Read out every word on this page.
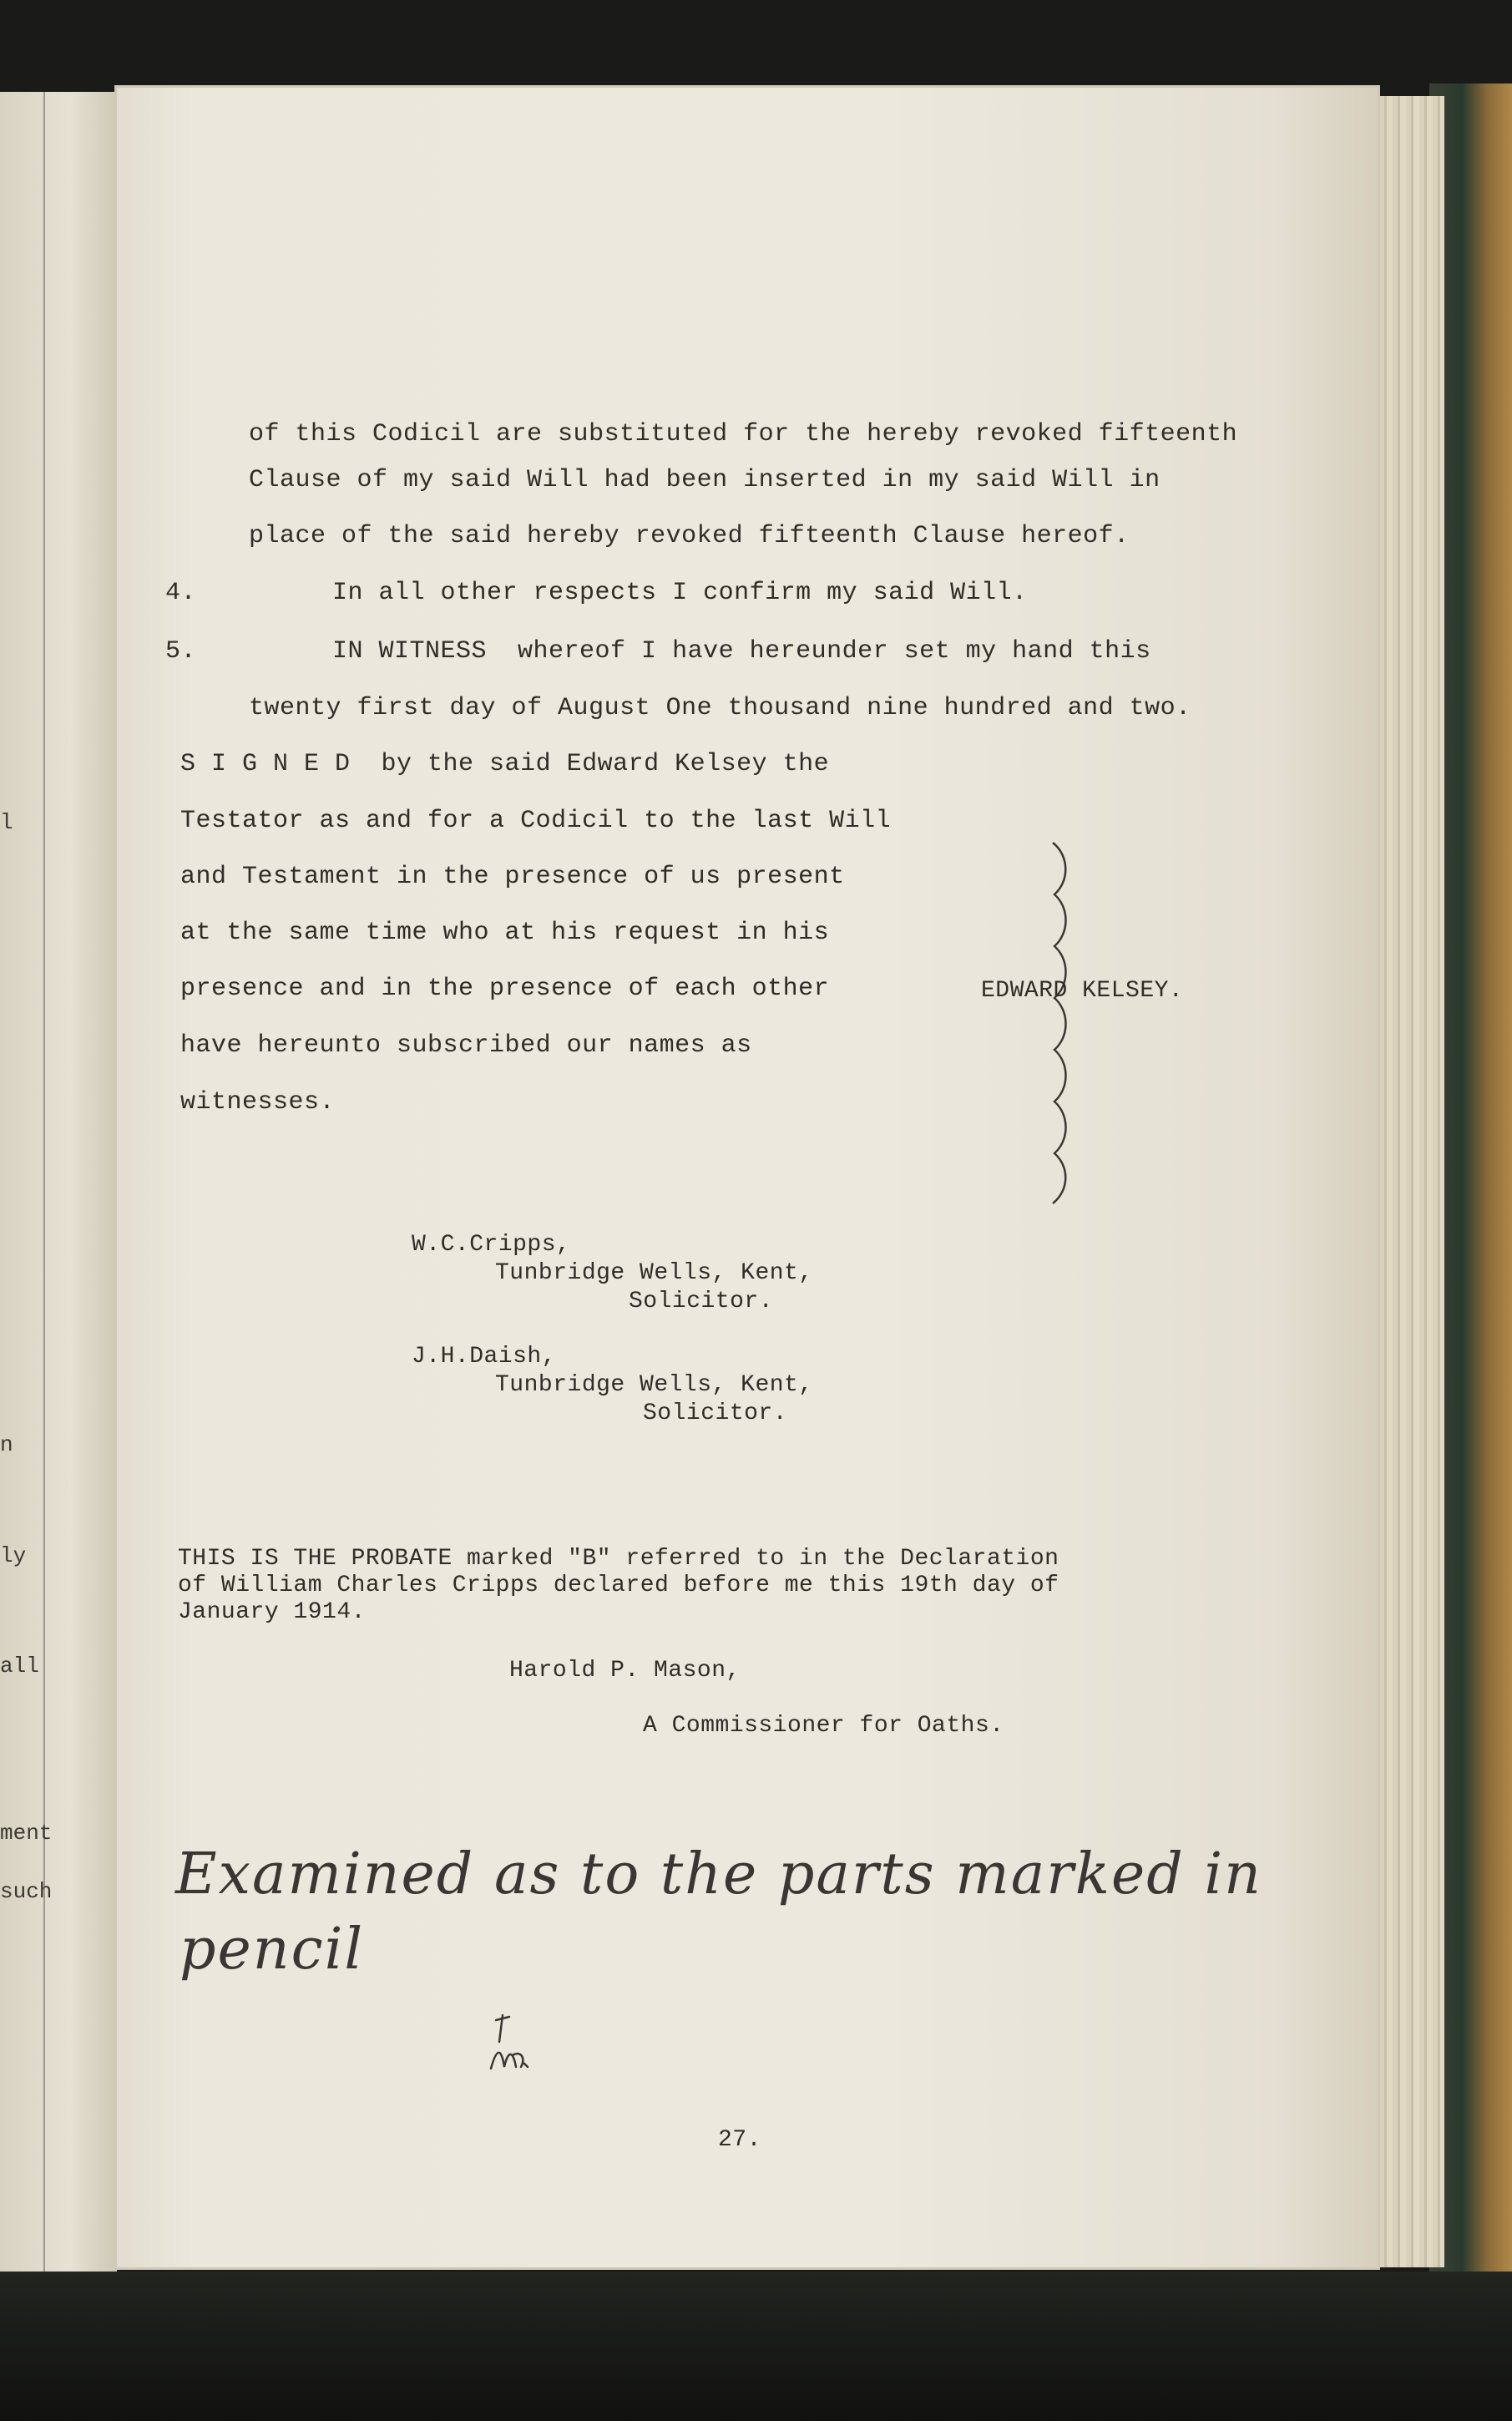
l
n
ly
all
ment
such
of this Codicil are substituted for the hereby revoked fifteenth
Clause of my said Will had been inserted in my said Will in
place of the said hereby revoked fifteenth Clause hereof.
4.	In all other respects I confirm my said Will.
5.	IN WITNESS  whereof I have hereunder set my hand this
twenty first day of August One thousand nine hundred and two.
S I G N E D  by the said Edward Kelsey the
Testator as and for a Codicil to the last Will
and Testament in the presence of us present
at the same time who at his request in his
presence and in the presence of each other
have hereunto subscribed our names as
witnesses.
EDWARD KELSEY.
W.C.Cripps,
Tunbridge Wells, Kent,
Solicitor.
J.H.Daish,
Tunbridge Wells, Kent,
Solicitor.
THIS IS THE PROBATE marked "B" referred to in the Declaration
of William Charles Cripps declared before me this 19th day of
January 1914.
Harold P. Mason,
A Commissioner for Oaths.
Examined as to the parts marked in
pencil
27.
